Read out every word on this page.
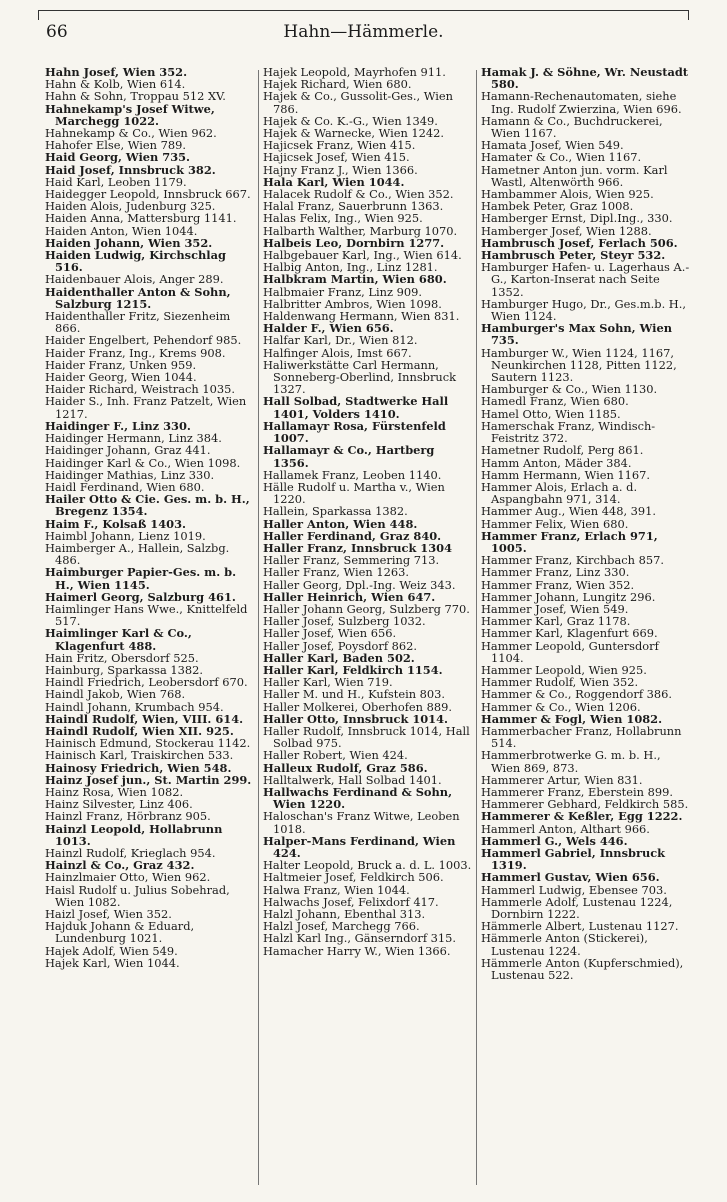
66	Hahn—Hämmerle.

Hahn Josef, Wien 352.

Hahn & Kolb, Wien 614.

Hahn & Sohn, Troppau 512 XV.

Hahnekamp's Josef Witwe, Marchegg 1022.

Hahnekamp & Co., Wien 962.

Hahofer Else, Wien 789.

Haid Georg, Wien 735.

Haid Josef, Innsbruck 382.

Haid Karl, Leoben 1179.

Haidegger Leopold, Innsbruck 667.

Haiden Alois, Judenburg 325.

Haiden Anna, Mattersburg 1141.

Haiden Anton, Wien 1044.

Haiden Johann, Wien 352.

Haiden Ludwig, Kirchschlag 516.

Haidenbauer Alois, Anger 289.

Haidenthaller Anton & Sohn, Salzburg 1215.

Haidenthaller Fritz, Siezenheim 866.

Haider Engelbert, Pehendorf 985.

Haider Franz, Ing., Krems 908.

Haider Franz, Unken 959.

Haider Georg, Wien 1044.

Haider Richard, Weistrach 1035.

Haider S., Inh. Franz Patzelt, Wien 1217.

Haidinger F., Linz 330.

Haidinger Hermann, Linz 384.

Haidinger Johann, Graz 441.

Haidinger Karl & Co., Wien 1098.

Haidinger Mathias, Linz 330.

Haidl Ferdinand, Wien 680.

Hailer Otto & Cie. Ges. m. b. H., Bregenz 1354.

Haim F., Kolsaß 1403.

Haimbl Johann, Lienz 1019.

Haimberger A., Hallein, Salzbg. 486.

Haimburger Papier-Ges. m. b. H., Wien 1145.

Haimerl Georg, Salzburg 461.

Haimlinger Hans Wwe., Knittelfeld 517.

Haimlinger Karl & Co., Klagenfurt 488.

Hain Fritz, Obersdorf 525.

Hainburg, Sparkassa 1382.

Haindl Friedrich, Leobersdorf 670.

Haindl Jakob, Wien 768.

Haindl Johann, Krumbach 954.

Haindl Rudolf, Wien, VIII. 614.

Haindl Rudolf, Wien XII. 925.

Hainisch Edmund, Stockerau 1142.

Hainisch Karl, Traiskirchen 533.

Hainosy Friedrich, Wien 548.

Hainz Josef jun., St. Martin 299.

Hainz Rosa, Wien 1082.

Hainz Silvester, Linz 406.

Hainzl Franz, Hörbranz 905.

Hainzl Leopold, Hollabrunn 1013.

Hainzl Rudolf, Krieglach 954.

Hainzl & Co., Graz 432.

Hainzlmaier Otto, Wien 962.

Haisl Rudolf u. Julius Sobehrad, Wien 1082.

Haizl Josef, Wien 352.

Hajduk Johann & Eduard, Lundenburg 1021.

Hajek Adolf, Wien 549.

Hajek Karl, Wien 1044.

Hajek Leopold, Mayrhofen 911.

Hajek Richard, Wien 680.

Hajek & Co., Gussolit-Ges., Wien 786.

Hajek & Co. K.-G., Wien 1349.

Hajek & Warnecke, Wien 1242.

Hajicsek Franz, Wien 415.

Hajicsek Josef, Wien 415.

Hajny Franz J., Wien 1366.

Hala Karl, Wien 1044.

Halacek Rudolf & Co., Wien 352.

Halal Franz, Sauerbrunn 1363.

Halas Felix, Ing., Wien 925.

Halbarth Walther, Marburg 1070.

Halbeis Leo, Dornbirn 1277.

Halbgebauer Karl, Ing., Wien 614.

Halbig Anton, Ing., Linz 1281.

Halbkram Martin, Wien 680.

Halbmaier Franz, Linz 909.

Halbritter Ambros, Wien 1098.

Haldenwang Hermann, Wien 831.

Halder F., Wien 656.

Halfar Karl, Dr., Wien 812.

Halfinger Alois, Imst 667.

Haliwerkstätte Carl Hermann, Sonneberg-Oberlind, Innsbruck 1327.

Hall Solbad, Stadtwerke Hall 1401, Volders 1410.

Hallamayr Rosa, Fürstenfeld 1007.

Hallamayr & Co., Hartberg 1356.

Hallamek Franz, Leoben 1140.

Hälle Rudolf u. Martha v., Wien 1220.

Hallein, Sparkassa 1382.

Haller Anton, Wien 448.

Haller Ferdinand, Graz 840.

Haller Franz, Innsbruck 1304

Haller Franz, Semmering 713.

Haller Franz, Wien 1263.

Haller Georg, Dpl.-Ing. Weiz 343.

Haller Heinrich, Wien 647.

Haller Johann Georg, Sulzberg 770.

Haller Josef, Sulzberg 1032.

Haller Josef, Wien 656.

Haller Josef, Poysdorf 862.

Haller Karl, Baden 502.

Haller Karl, Feldkirch 1154.

Haller Karl, Wien 719.

Haller M. und H., Kufstein 803.

Haller Molkerei, Oberhofen 889.

Haller Otto, Innsbruck 1014.

Haller Rudolf, Innsbruck 1014, Hall Solbad 975.

Haller Robert, Wien 424.

Halleux Rudolf, Graz 586.

Halltalwerk, Hall Solbad 1401.

Hallwachs Ferdinand & Sohn, Wien 1220.

Haloschan's Franz Witwe, Leoben 1018.

Halper-Mans Ferdinand, Wien 424.

Halter Leopold, Bruck a. d. L. 1003.

Haltmeier Josef, Feldkirch 506.

Halwa Franz, Wien 1044.

Halwachs Josef, Felixdorf 417.

Halzl Johann, Ebenthal 313.

Halzl Josef, Marchegg 766.

Halzl Karl Ing., Gänserndorf 315.

Hamacher Harry W., Wien 1366.

Hamak J. & Söhne, Wr. Neustadt 580.

Hamann-Rechenautomaten, siehe Ing. Rudolf Zwierzina, Wien 696.

Hamann & Co., Buchdruckerei, Wien 1167.

Hamata Josef, Wien 549.

Hamater & Co., Wien 1167.

Hametner Anton jun. vorm. Karl Wastl, Altenwörth 966.

Hambammer Alois, Wien 925.

Hambek Peter, Graz 1008.

Hamberger Ernst, Dipl.Ing., 330.

Hamberger Josef, Wien 1288.

Hambrusch Josef, Ferlach 506.

Hambrusch Peter, Steyr 532.

Hamburger Hafen- u. Lagerhaus A.-G., Karton-Inserat nach Seite 1352.

Hamburger Hugo, Dr., Ges.m.b. H., Wien 1124.

Hamburger's Max Sohn, Wien 735.

Hamburger W., Wien 1124, 1167, Neunkirchen 1128, Pitten 1122, Sautern 1123.

Hamburger & Co., Wien 1130.

Hamedl Franz, Wien 680.

Hamel Otto, Wien 1185.

Hamerschak Franz, Windisch-Feistritz 372.

Hametner Rudolf, Perg 861.

Hamm Anton, Mäder 384.

Hamm Hermann, Wien 1167.

Hammer Alois, Erlach a. d. Aspangbahn 971, 314.

Hammer Aug., Wien 448, 391.

Hammer Felix, Wien 680.

Hammer Franz, Erlach 971, 1005.

Hammer Franz, Kirchbach 857.

Hammer Franz, Linz 330.

Hammer Franz, Wien 352.

Hammer Johann, Lungitz 296.

Hammer Josef, Wien 549.

Hammer Karl, Graz 1178.

Hammer Karl, Klagenfurt 669.

Hammer Leopold, Guntersdorf 1104.

Hammer Leopold, Wien 925.

Hammer Rudolf, Wien 352.

Hammer & Co., Roggendorf 386.

Hammer & Co., Wien 1206.

Hammer & Fogl, Wien 1082.

Hammerbacher Franz, Hollabrunn 514.

Hammerbrotwerke G. m. b. H., Wien 869, 873.

Hammerer Artur, Wien 831.

Hammerer Franz, Eberstein 899.

Hammerer Gebhard, Feldkirch 585.

Hammerer & Keßler, Egg 1222.

Hammerl Anton, Althart 966.

Hammerl G., Wels 446.

Hammerl Gabriel, Innsbruck 1319.

Hammerl Gustav, Wien 656.

Hammerl Ludwig, Ebensee 703.

Hammerle Adolf, Lustenau 1224, Dornbirn 1222.

Hämmerle Albert, Lustenau 1127.

Hämmerle Anton (Stickerei), Lustenau 1224.

Hämmerle Anton (Kupferschmied), Lustenau 522.
